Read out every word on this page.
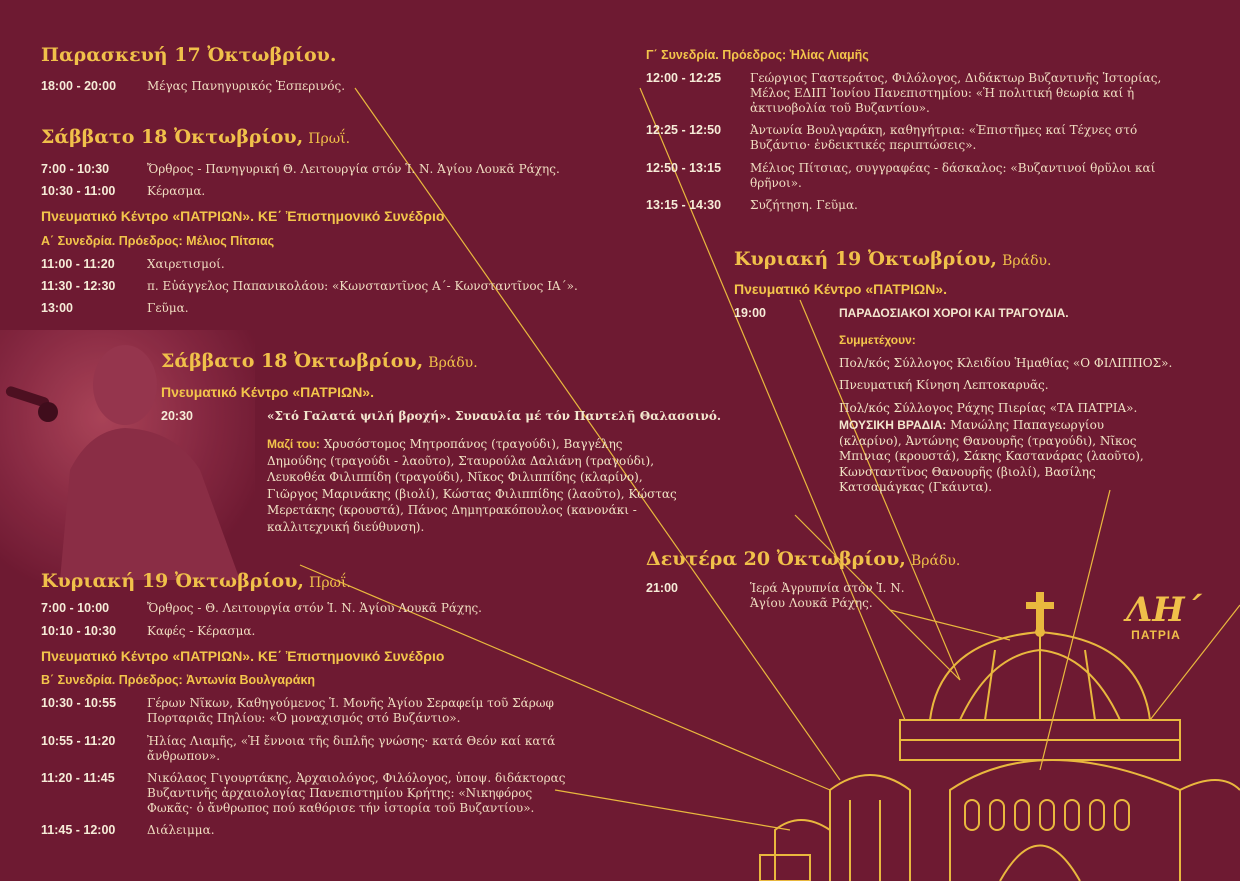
Παρασκευή 17 Ὀκτωβρίου.
18:00 - 20:00	Μέγας Πανηγυρικός Ἑσπερινός.
Σάββατο 18 Ὀκτωβρίου, Πρωΐ.
7:00 - 10:30	Ὄρθρος - Πανηγυρική Θ. Λειτουργία στόν Ἱ. Ν. Ἁγίου Λουκᾶ Ράχης.
10:30 - 11:00	Κέρασμα.
Πνευματικό Κέντρο «ΠΑΤΡΙΩΝ». ΚΕ΄ Ἐπιστημονικό Συνέδριο
Α΄ Συνεδρία. Πρόεδρος: Μέλιος Πίτσιας
11:00 - 11:20	Χαιρετισμοί.
11:30 - 12:30	π. Εὐάγγελος Παπανικολάου: «Κωνσταντῖνος Α΄- Κωνσταντῖνος ΙΑ΄».
13:00	Γεῦμα.
Σάββατο 18 Ὀκτωβρίου, Βράδυ.
Πνευματικό Κέντρο «ΠΑΤΡΙΩΝ».
20:30	«Στό Γαλατά ψιλή βροχή». Συναυλία μέ τόν Παντελῆ Θαλασσινό.
Μαζί του: Χρυσόστομος Μητροπάνος (τραγούδι), Βαγγέλης
Δημούδης (τραγούδι - λαοῦτο), Σταυρούλα Δαλιάνη (τραγούδι),
Λευκοθέα Φιλιππίδη (τραγούδι), Νῖκος Φιλιππίδης (κλαρίνο),
Γιῶργος Μαρινάκης (βιολί), Κώστας Φιλιππίδης (λαοῦτο), Κώστας
Μερετάκης (κρουστά), Πάνος Δημητρακόπουλος (κανονάκι -
καλλιτεχνική διεύθυνση).
Κυριακή 19 Ὀκτωβρίου, Πρωΐ.
7:00 - 10:00	Ὄρθρος - Θ. Λειτουργία στόν Ἱ. Ν. Ἁγίου Λουκᾶ Ράχης.
10:10 - 10:30	Καφές - Κέρασμα.
Πνευματικό Κέντρο «ΠΑΤΡΙΩΝ». ΚΕ΄ Ἐπιστημονικό Συνέδριο
Β΄ Συνεδρία. Πρόεδρος: Ἀντωνία Βουλγαράκη
10:30 - 10:55	Γέρων Νῖκων, Καθηγούμενος Ἱ. Μονῆς Ἁγίου Σεραφείμ τοῦ Σάρωφ
Πορταριᾶς Πηλίου: «Ὁ μοναχισμός στό Βυζάντιο».
10:55 - 11:20	Ἠλίας Λιαμῆς, «Ἡ ἔννοια τῆς διπλῆς γνώσης· κατά Θεόν καί κατά
ἄνθρωπον».
11:20 - 11:45	Νικόλαος Γιγουρτάκης, Ἀρχαιολόγος, Φιλόλογος, ὑποψ. διδάκτορας
Βυζαντινῆς ἀρχαιολογίας Πανεπιστημίου Κρήτης: «Νικηφόρος
Φωκᾶς· ὁ ἄνθρωπος πού καθόρισε τήν ἱστορία τοῦ Βυζαντίου».
11:45 - 12:00	Διάλειμμα.
Γ΄ Συνεδρία. Πρόεδρος: Ἠλίας Λιαμῆς
12:00 - 12:25	Γεώργιος Γαστεράτος, Φιλόλογος, Διδάκτωρ Βυζαντινῆς Ἱστορίας,
Μέλος ΕΔΙΠ Ἰονίου Πανεπιστημίου: «Ἡ πολιτική θεωρία καί ἡ
ἀκτινοβολία τοῦ Βυζαντίου».
12:25 - 12:50	Ἀντωνία Βουλγαράκη, καθηγήτρια: «Ἐπιστῆμες καί Τέχνες στό
Βυζάντιο· ἐνδεικτικές περιπτώσεις».
12:50 - 13:15	Μέλιος Πίτσιας, συγγραφέας - δάσκαλος: «Βυζαντινοί θρῦλοι καί
θρῆνοι».
13:15 - 14:30	Συζήτηση. Γεῦμα.
Κυριακή 19 Ὀκτωβρίου, Βράδυ.
Πνευματικό Κέντρο «ΠΑΤΡΙΩΝ».
19:00	ΠΑΡΑΔΟΣΙΑΚΟΙ ΧΟΡΟΙ ΚΑΙ ΤΡΑΓΟΥΔΙΑ.
Συμμετέχουν:
Πολ/κός Σύλλογος Κλειδίου Ἡμαθίας «Ο ΦΙΛΙΠΠΟΣ».
Πνευματική Κίνηση Λεπτοκαρυᾶς.
Πολ/κός Σύλλογος Ράχης Πιερίας «ΤΑ ΠΑΤΡΙΑ».
ΜΟΥΣΙΚΗ ΒΡΑΔΙΑ: Μανώλης Παπαγεωργίου
(κλαρίνο), Ἀντώνης Θανουρῆς (τραγούδι), Νῖκος
Μπινιας (κρουστά), Σάκης Καστανάρας (λαοῦτο),
Κωνσταντῖνος Θανουρῆς (βιολί), Βασίλης
Κατσαμάγκας (Γκάιντα).
Δευτέρα 20 Ὀκτωβρίου, Βράδυ.
21:00	Ἱερά Ἀγρυπνία στόν Ἱ. Ν.
Ἁγίου Λουκᾶ Ράχης.	ΛΗ΄
ΠΑΤΡΙΑ
